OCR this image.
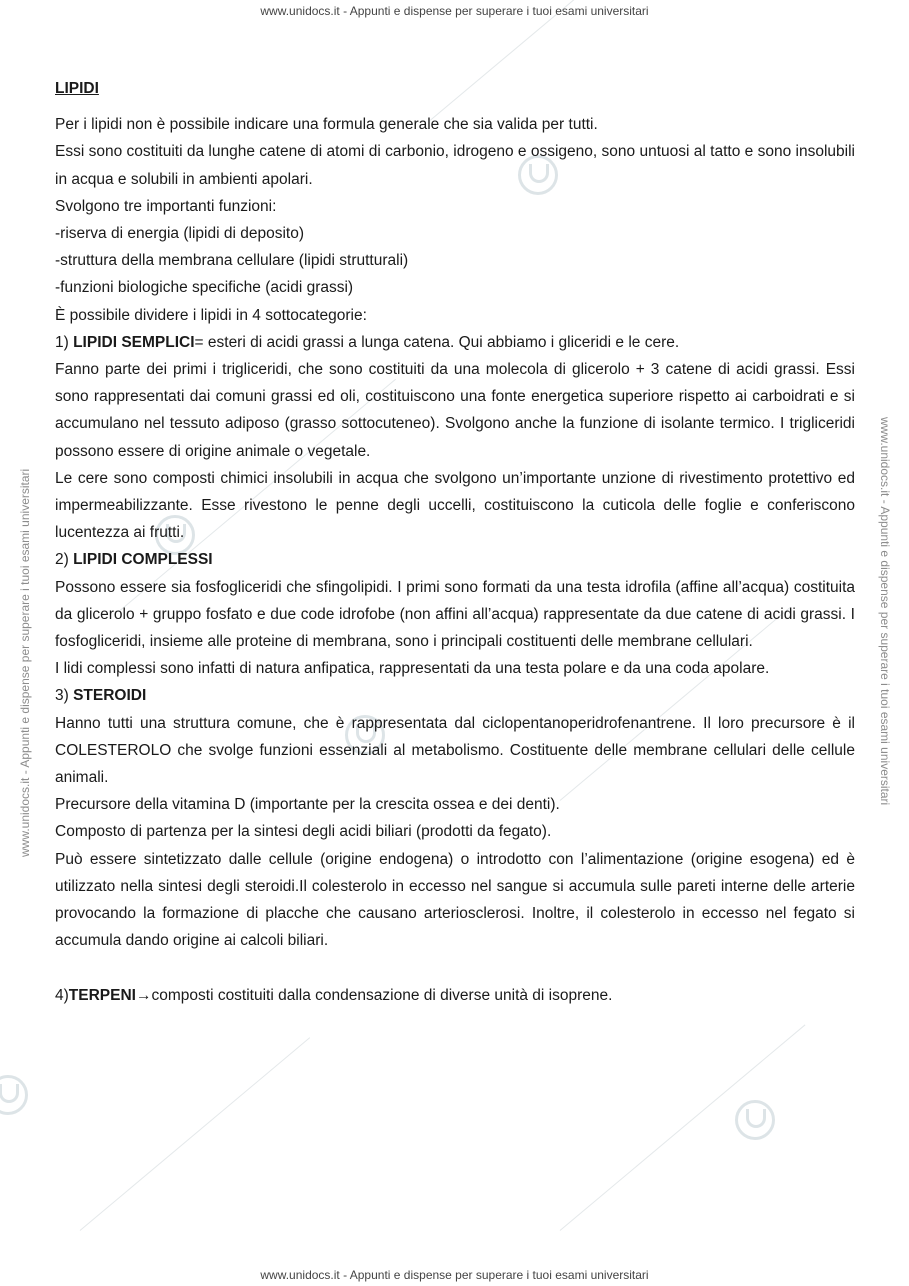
www.unidocs.it - Appunti e dispense per superare i tuoi esami universitari
www.unidocs.it - Appunti e dispense per superare i tuoi esami universitari
www.unidocs.it - Appunti e dispense per superare i tuoi esami universitari	www.unidocs.it - Appunti e dispense per superare i tuoi esami universitari

LIPIDI

Per i lipidi non è possibile indicare una formula generale che sia valida per tutti.

Essi sono costituiti da lunghe catene di atomi di carbonio, idrogeno e ossigeno, sono untuosi al tatto e sono insolubili in acqua e solubili in ambienti apolari.

Svolgono tre importanti funzioni:

-riserva di energia (lipidi di deposito)

-struttura della membrana cellulare (lipidi strutturali)

-funzioni biologiche specifiche (acidi grassi)

È possibile dividere i lipidi in 4 sottocategorie:

1) LIPIDI SEMPLICI= esteri di acidi grassi a lunga catena. Qui abbiamo i gliceridi e le cere.

Fanno parte dei primi i trigliceridi, che sono costituiti da una molecola di glicerolo + 3 catene di acidi grassi. Essi sono rappresentati dai comuni grassi ed oli, costituiscono una fonte energetica superiore rispetto ai carboidrati e si accumulano nel tessuto adiposo (grasso sottocuteneo). Svolgono anche la funzione di isolante termico. I trigliceridi possono essere di origine animale o vegetale.

Le cere sono composti chimici insolubili in acqua che svolgono un’importante unzione di rivestimento protettivo ed impermeabilizzante. Esse rivestono le penne degli uccelli, costituiscono la cuticola delle foglie e conferiscono lucentezza ai frutti.

2) LIPIDI COMPLESSI

Possono essere sia fosfogliceridi che sfingolipidi. I primi sono formati da una testa idrofila (affine all’acqua) costituita da glicerolo + gruppo fosfato e due code idrofobe (non affini all’acqua) rappresentate da due catene di acidi grassi. I fosfogliceridi, insieme alle proteine di membrana, sono i principali costituenti delle membrane cellulari.

I lidi complessi sono infatti di natura anfipatica, rappresentati da una testa polare e da una coda apolare.

3) STEROIDI

Hanno tutti una struttura comune, che è rappresentata dal ciclopentanoperidrofenantrene. Il loro precursore è il COLESTEROLO che svolge funzioni essenziali al metabolismo. Costituente delle membrane cellulari delle cellule animali.

Precursore della vitamina D (importante per la crescita ossea e dei denti).

Composto di partenza per la sintesi degli acidi biliari (prodotti da fegato).

Può essere sintetizzato dalle cellule (origine endogena) o introdotto con l’alimentazione (origine esogena) ed è utilizzato nella sintesi degli steroidi.Il colesterolo in eccesso nel sangue si accumula sulle pareti interne delle arterie provocando la formazione di placche che causano arteriosclerosi. Inoltre, il colesterolo in eccesso nel fegato si accumula dando origine ai calcoli biliari.

4)TERPENI→composti costituiti dalla condensazione di diverse unità di isoprene.
